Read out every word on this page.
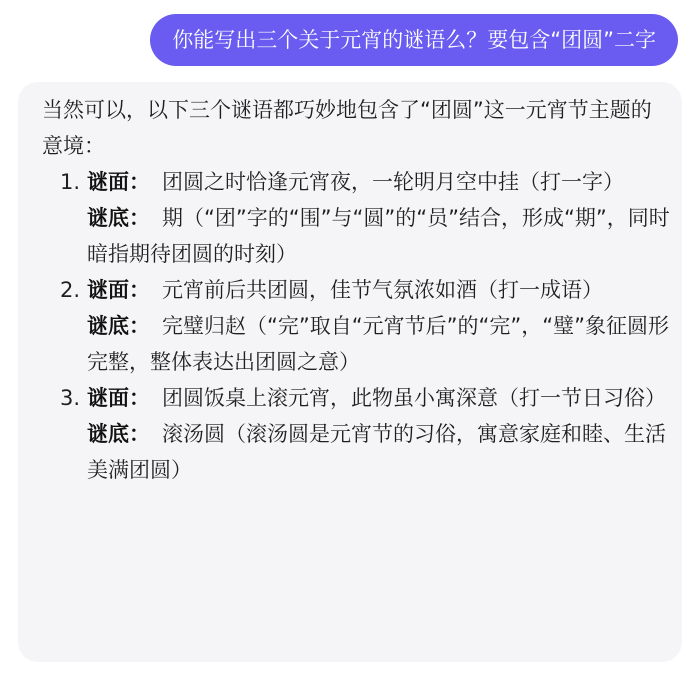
你能写出三个关于元宵的谜语么？要包含“团圆”二字

当然可以，以下三个谜语都巧妙地包含了“团圆”这一元宵节主题的意境：

1. 谜面： 团圆之时恰逢元宵夜，一轮明月空中挂（打一字）

谜底： 期（“团”字的“围”与“圆”的“员”结合，形成“期”，同时暗指期待团圆的时刻）

2. 谜面： 元宵前后共团圆，佳节气氛浓如酒（打一成语）

谜底： 完璧归赵（“完”取自“元宵节后”的“完”，“璧”象征圆形完整，整体表达出团圆之意）

3. 谜面： 团圆饭桌上滚元宵，此物虽小寓深意（打一节日习俗）

谜底： 滚汤圆（滚汤圆是元宵节的习俗，寓意家庭和睦、生活美满团圆）
